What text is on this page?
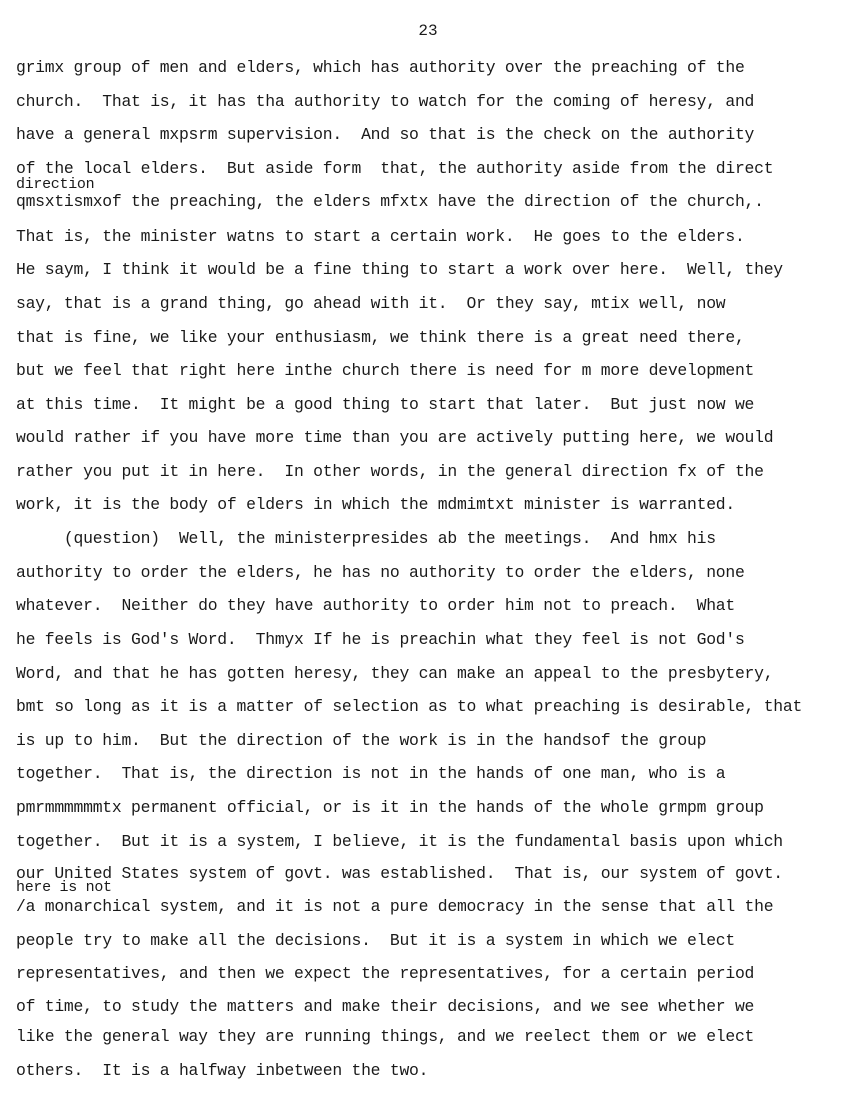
23
direction
here is not
grimx group of men and elders, which has authority over the preaching of the
church.  That is, it has tha authority to watch for the coming of heresy, and
have a general mxpsrm supervision.  And so that is the check on the authority
of the local elders.  But aside form  that, the authority aside from the direct
qmsxtismxof the preaching, the elders mfxtx have the direction of the church,.
That is, the minister watns to start a certain work.  He goes to the elders.
He saym, I think it would be a fine thing to start a work over here.  Well, they
say, that is a grand thing, go ahead with it.  Or they say, mtix well, now
that is fine, we like your enthusiasm, we think there is a great need there,
but we feel that right here inthe church there is need for m more development
at this time.  It might be a good thing to start that later.  But just now we
would rather if you have more time than you are actively putting here, we would
rather you put it in here.  In other words, in the general direction fx of the
work, it is the body of elders in which the mdmimtxt minister is warranted.
(question)  Well, the ministerpresides ab the meetings.  And hmx his
authority to order the elders, he has no authority to order the elders, none
whatever.  Neither do they have authority to order him not to preach.  What
he feels is God's Word.  Thmyx If he is preachin what they feel is not God's
Word, and that he has gotten heresy, they can make an appeal to the presbytery,
bmt so long as it is a matter of selection as to what preaching is desirable, that
is up to him.  But the direction of the work is in the handsof the group
together.  That is, the direction is not in the hands of one man, who is a
pmrmmmmmmtx permanent official, or is it in the hands of the whole grmpm group
together.  But it is a system, I believe, it is the fundamental basis upon which
our United States system of govt. was established.  That is, our system of govt.
/a monarchical system, and it is not a pure democracy in the sense that all the
people try to make all the decisions.  But it is a system in which we elect
representatives, and then we expect the representatives, for a certain period
of time, to study the matters and make their decisions, and we see whether we
like the general way they are running things, and we reelect them or we elect
others.  It is a halfway inbetween the two.
